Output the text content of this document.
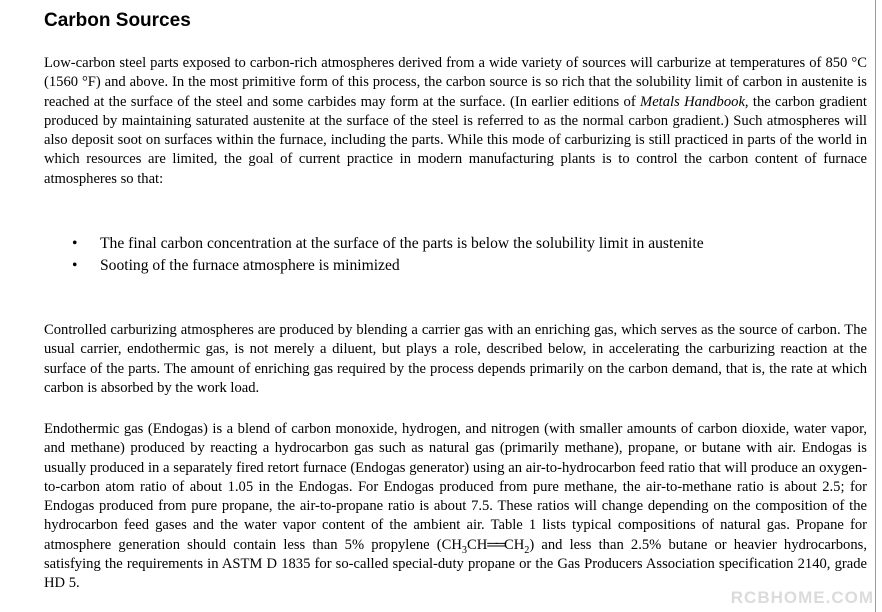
Carbon Sources

Low-carbon steel parts exposed to carbon-rich atmospheres derived from a wide variety of sources will carburize at temperatures of 850 °C (1560 °F) and above. In the most primitive form of this process, the carbon source is so rich that the solubility limit of carbon in austenite is reached at the surface of the steel and some carbides may form at the surface. (In earlier editions of Metals Handbook, the carbon gradient produced by maintaining saturated austenite at the surface of the steel is referred to as the normal carbon gradient.) Such atmospheres will also deposit soot on surfaces within the furnace, including the parts. While this mode of carburizing is still practiced in parts of the world in which resources are limited, the goal of current practice in modern manufacturing plants is to control the carbon content of furnace atmospheres so that:

• The final carbon concentration at the surface of the parts is below the solubility limit in austenite
• Sooting of the furnace atmosphere is minimized

Controlled carburizing atmospheres are produced by blending a carrier gas with an enriching gas, which serves as the source of carbon. The usual carrier, endothermic gas, is not merely a diluent, but plays a role, described below, in accelerating the carburizing reaction at the surface of the parts. The amount of enriching gas required by the process depends primarily on the carbon demand, that is, the rate at which carbon is absorbed by the work load.

Endothermic gas (Endogas) is a blend of carbon monoxide, hydrogen, and nitrogen (with smaller amounts of carbon dioxide, water vapor, and methane) produced by reacting a hydrocarbon gas such as natural gas (primarily methane), propane, or butane with air. Endogas is usually produced in a separately fired retort furnace (Endogas generator) using an air-to-hydrocarbon feed ratio that will produce an oxygen-to-carbon atom ratio of about 1.05 in the Endogas. For Endogas produced from pure methane, the air-to-methane ratio is about 2.5; for Endogas produced from pure propane, the air-to-propane ratio is about 7.5. These ratios will change depending on the composition of the hydrocarbon feed gases and the water vapor content of the ambient air. Table 1 lists typical compositions of natural gas. Propane for atmosphere generation should contain less than 5% propylene $(CH_3CH══CH_2)$ and less than 2.5% butane or heavier hydrocarbons, satisfying the requirements in ASTM D 1835 for so-called special-duty propane or the Gas Producers Association specification 2140, grade HD 5.

RCBHOME.COM
